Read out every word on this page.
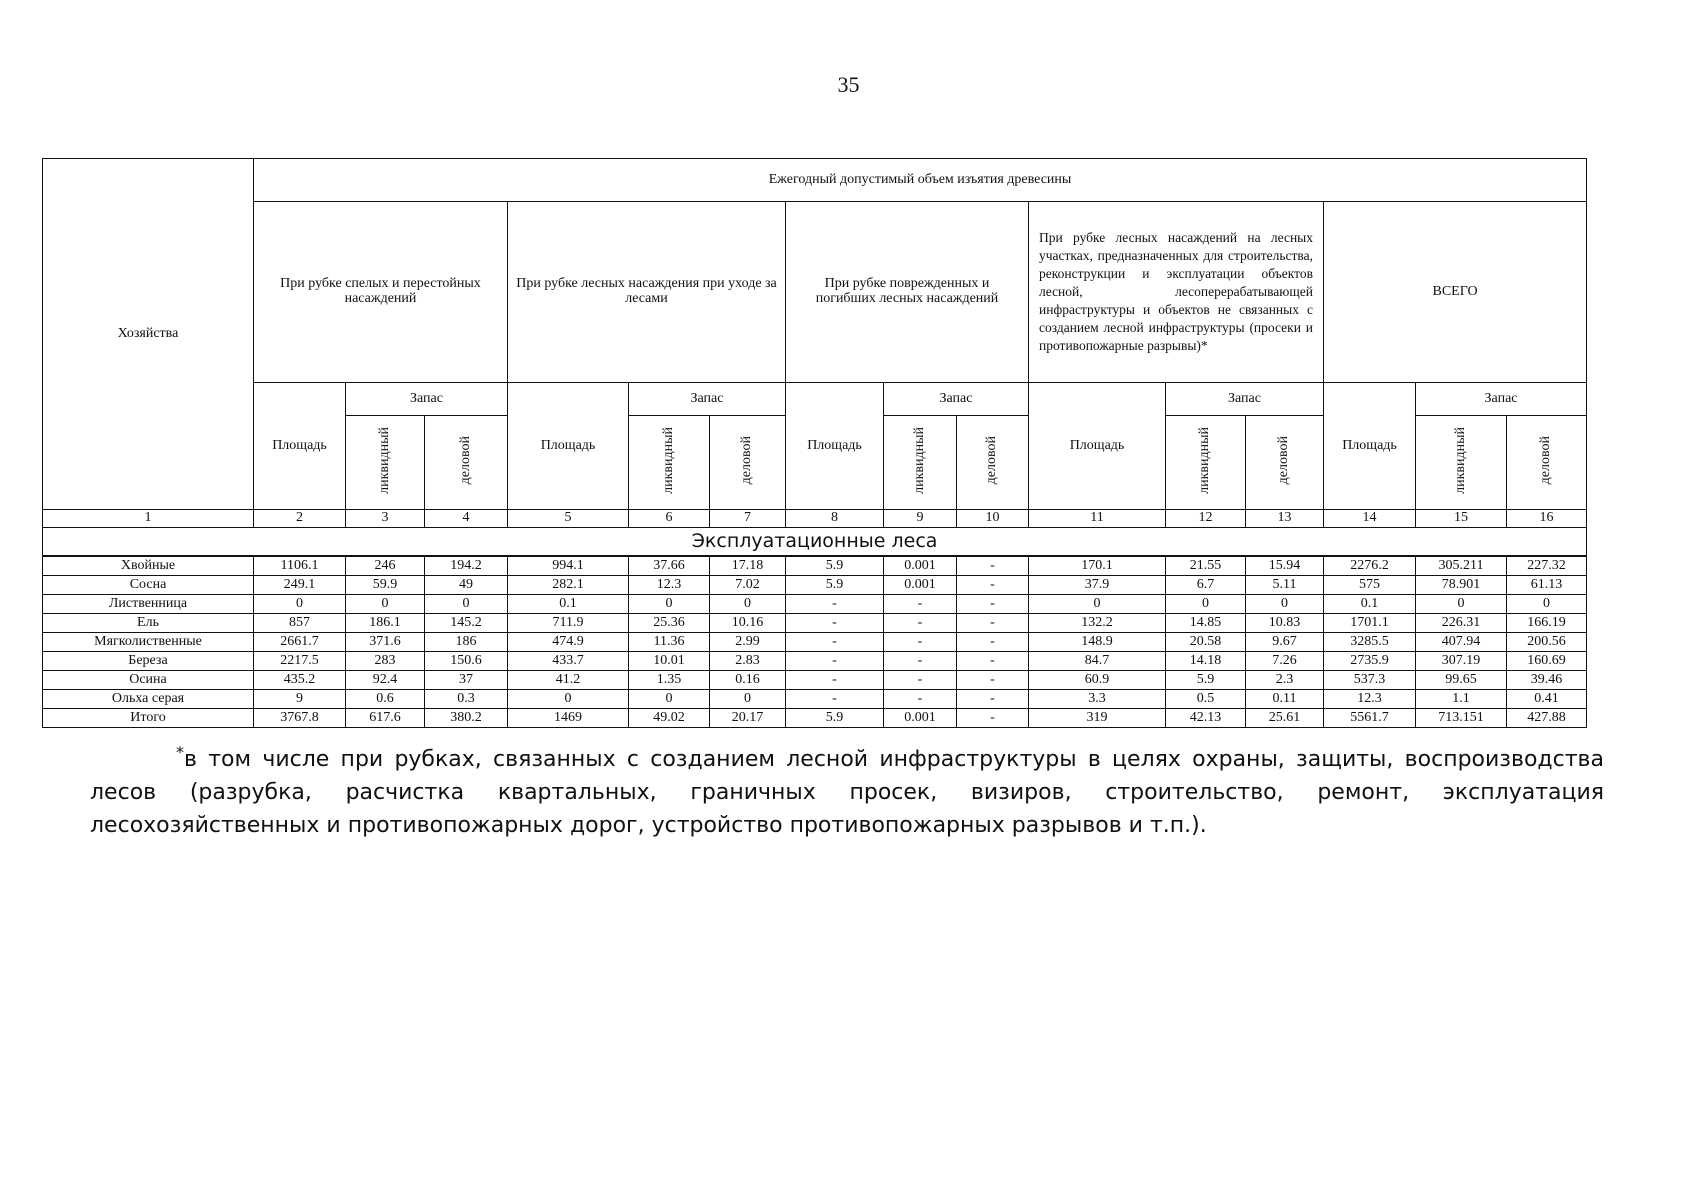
35
Хозяйства	Ежегодный допустимый объем изъятия древесины														

	При рубке спелых и перестойных насаждений			При рубке лесных насаждения при уходе за лесами			При рубке поврежденных и погибших лесных насаждений			При рубке лесных насаждений на лесных участках, предназначенных для строительства, реконструкции и эксплуатации объектов лесной, лесоперерабатывающей инфраструктуры и объектов не связанных с созданием лесной инфраструктуры (просеки и противопожарные разрывы)*			ВСЕГО		

	Площадь	Запас		Площадь	Запас		Площадь	Запас		Площадь	Запас		Площадь	Запас	
		ликвидный	деловой		ликвидный	деловой		ликвидный	деловой		ликвидный	деловой		ликвидный	деловой
1	2	3	4	5	6	7	8	9	10	11	12	13	14	15	16
Эксплуатационные леса															
Хвойные	1106.1	246	194.2	994.1	37.66	17.18	5.9	0.001	-	170.1	21.55	15.94	2276.2	305.211	227.32
Сосна	249.1	59.9	49	282.1	12.3	7.02	5.9	0.001	-	37.9	6.7	5.11	575	78.901	61.13
Лиственница	0	0	0	0.1	0	0	-	-	-	0	0	0	0.1	0	0
Ель	857	186.1	145.2	711.9	25.36	10.16	-	-	-	132.2	14.85	10.83	1701.1	226.31	166.19
Мягколиственные	2661.7	371.6	186	474.9	11.36	2.99	-	-	-	148.9	20.58	9.67	3285.5	407.94	200.56
Береза	2217.5	283	150.6	433.7	10.01	2.83	-	-	-	84.7	14.18	7.26	2735.9	307.19	160.69
Осина	435.2	92.4	37	41.2	1.35	0.16	-	-	-	60.9	5.9	2.3	537.3	99.65	39.46
Ольха серая	9	0.6	0.3	0	0	0	-	-	-	3.3	0.5	0.11	12.3	1.1	0.41
Итого	3767.8	617.6	380.2	1469	49.02	20.17	5.9	0.001	-	319	42.13	25.61	5561.7	713.151	427.88
*в том числе при рубках, связанных с созданием лесной инфраструктуры в целях охраны, защиты, воспроизводства
лесов (разрубка, расчистка квартальных, граничных просек, визиров, строительство, ремонт, эксплуатация
лесохозяйственных и противопожарных дорог, устройство противопожарных разрывов и т.п.).
